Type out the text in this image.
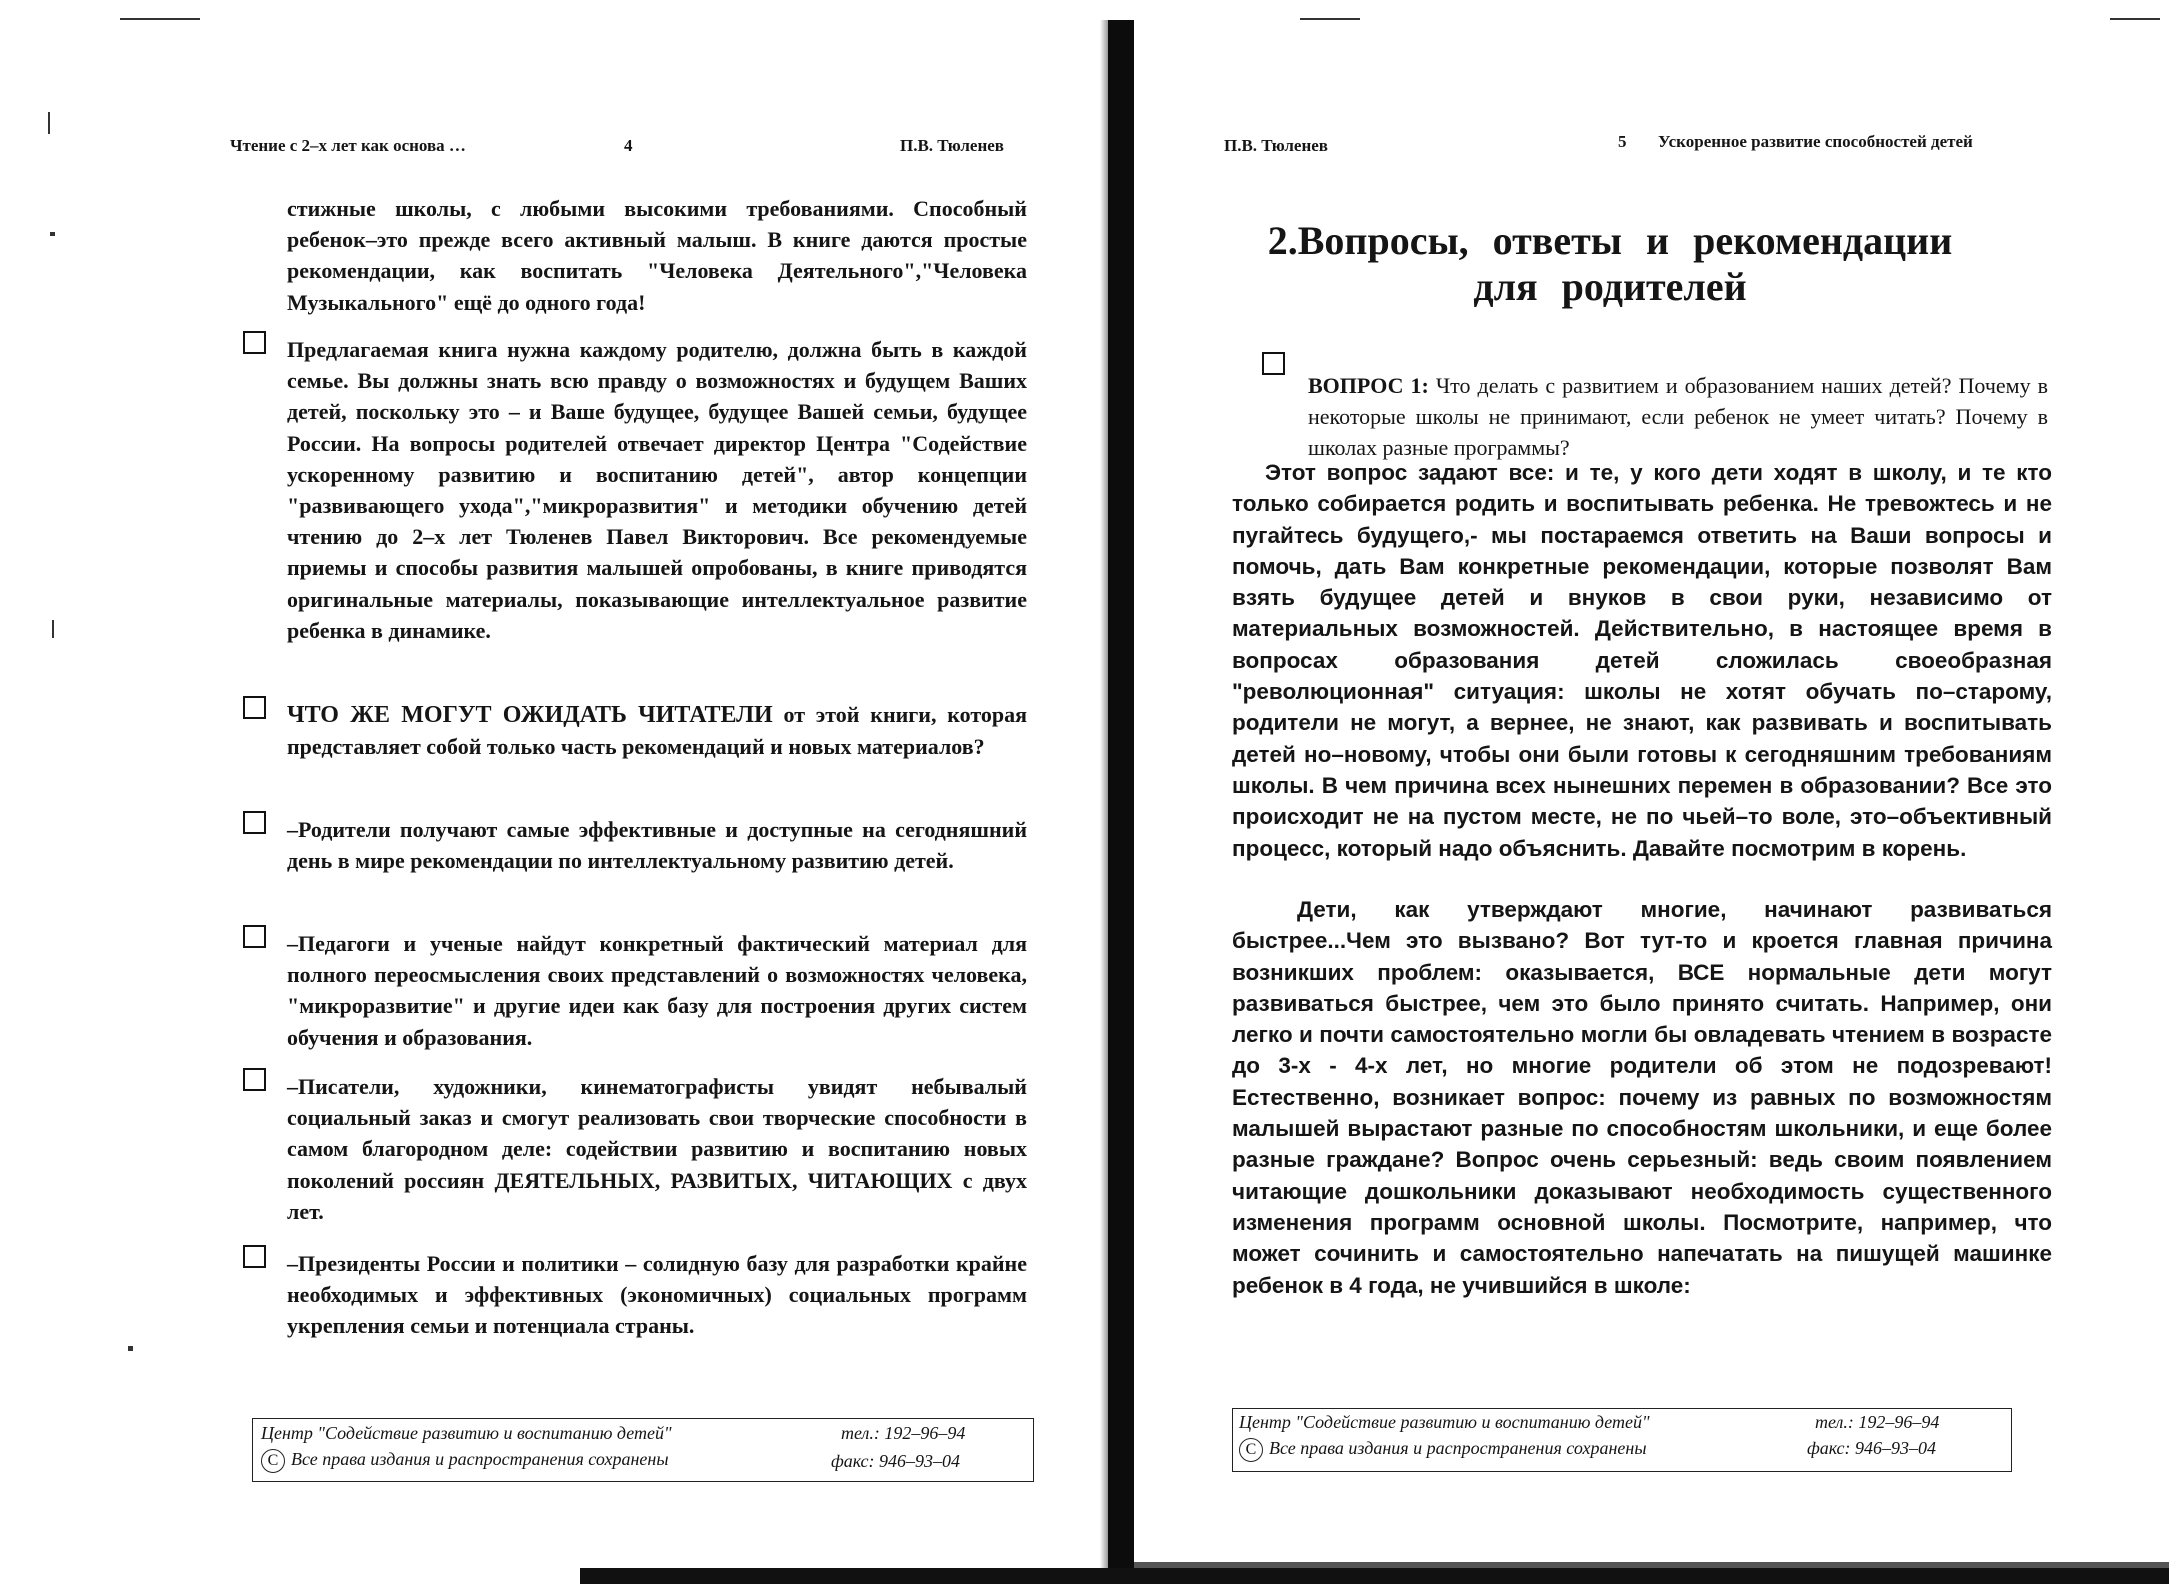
Чтение с 2–х лет как основа …	4	П.В. Тюленев

стижные школы, с любыми высокими требованиями. Способный ребенок–это прежде всего активный малыш. В книге даются простые рекомендации, как воспитать "Человека Деятельного","Человека Музыкального" ещё до одного года!

Предлагаемая книга нужна каждому родителю, должна быть в каждой семье. Вы должны знать всю правду о возможностях и будущем Ваших детей, поскольку это – и Ваше будущее, будущее Вашей семьи, будущее России. На вопросы родителей отвечает директор Центра "Содействие ускоренному развитию и воспитанию детей", автор концепции "развивающего ухода","микроразвития" и методики обучению детей чтению до 2–х лет Тюленев Павел Викторович. Все рекомендуемые приемы и способы развития малышей опробованы, в книге приводятся оригинальные материалы, показывающие интеллектуальное развитие ребенка в динамике.

ЧТО ЖЕ МОГУТ ОЖИДАТЬ ЧИТАТЕЛИ от этой книги, которая представляет собой только часть рекомендаций и новых материалов?

–Родители получают самые эффективные и доступные на сегодняшний день в мире рекомендации по интеллектуальному развитию детей.

–Педагоги и ученые найдут конкретный фактический материал для полного переосмысления своих представлений о возможностях человека, "микроразвитие" и другие идеи как базу для построения других систем обучения и образования.

–Писатели, художники, кинематографисты увидят небывалый социальный заказ и смогут реализовать свои творческие способности в самом благородном деле: содействии развитию и воспитанию новых поколений россиян ДЕЯТЕЛЬНЫХ, РАЗВИТЫХ, ЧИТАЮЩИХ с двух лет.

–Президенты России и политики – солидную базу для разработки крайне необходимых и эффективных (экономичных) социальных программ укрепления семьи и потенциала страны.

Центр "Содействие развитию и воспитанию детей"
C Все права издания и распространения сохранены
тел.: 192–96–94
факс: 946–93–04
П.В. Тюленев	5 Ускоренное развитие способностей детей
2.Вопросы, ответы и рекомендации
для родителей

ВОПРОС 1: Что делать с развитием и образованием наших детей? Почему в некоторые школы не принимают, если ребенок не умеет читать? Почему в школах разные программы?

Этот вопрос задают все: и те, у кого дети ходят в школу, и те кто только собирается родить и воспитывать ребенка. Не тревожтесь и не пугайтесь будущего,- мы постараемся ответить на Ваши вопросы и помочь, дать Вам конкретные рекомендации, которые позволят Вам взять будущее детей и внуков в свои руки, независимо от материальных возможностей. Действительно, в настоящее время в вопросах образования детей сложилась своеобразная "революционная" ситуация: школы не хотят обучать по–старому, родители не могут, а вернее, не знают, как развивать и воспитывать детей но–новому, чтобы они были готовы к сегодняшним требованиям школы. В чем причина всех нынешних перемен в образовании? Все это происходит не на пустом месте, не по чьей–то воле, это–объективный процесс, который надо объяснить. Давайте посмотрим в корень.

Дети, как утверждают многие, начинают развиваться быстрее...Чем это вызвано? Вот тут-то и кроется главная причина возникших проблем: оказывается, ВСЕ нормальные дети могут развиваться быстрее, чем это было принято считать. Например, они легко и почти самостоятельно могли бы овладевать чтением в возрасте до 3-х - 4-х лет, но многие родители об этом не подозревают! Естественно, возникает вопрос: почему из равных по возможностям малышей вырастают разные по способностям школьники, и еще более разные граждане? Вопрос очень серьезный: ведь своим появлением читающие дошкольники доказывают необходимость существенного изменения программ основной школы. Посмотрите, например, что может сочинить и самостоятельно напечатать на пишущей машинке ребенок в 4 года, не учившийся в школе:

Центр "Содействие развитию и воспитанию детей"
C Все права издания и распространения сохранены
тел.: 192–96–94
факс: 946–93–04
